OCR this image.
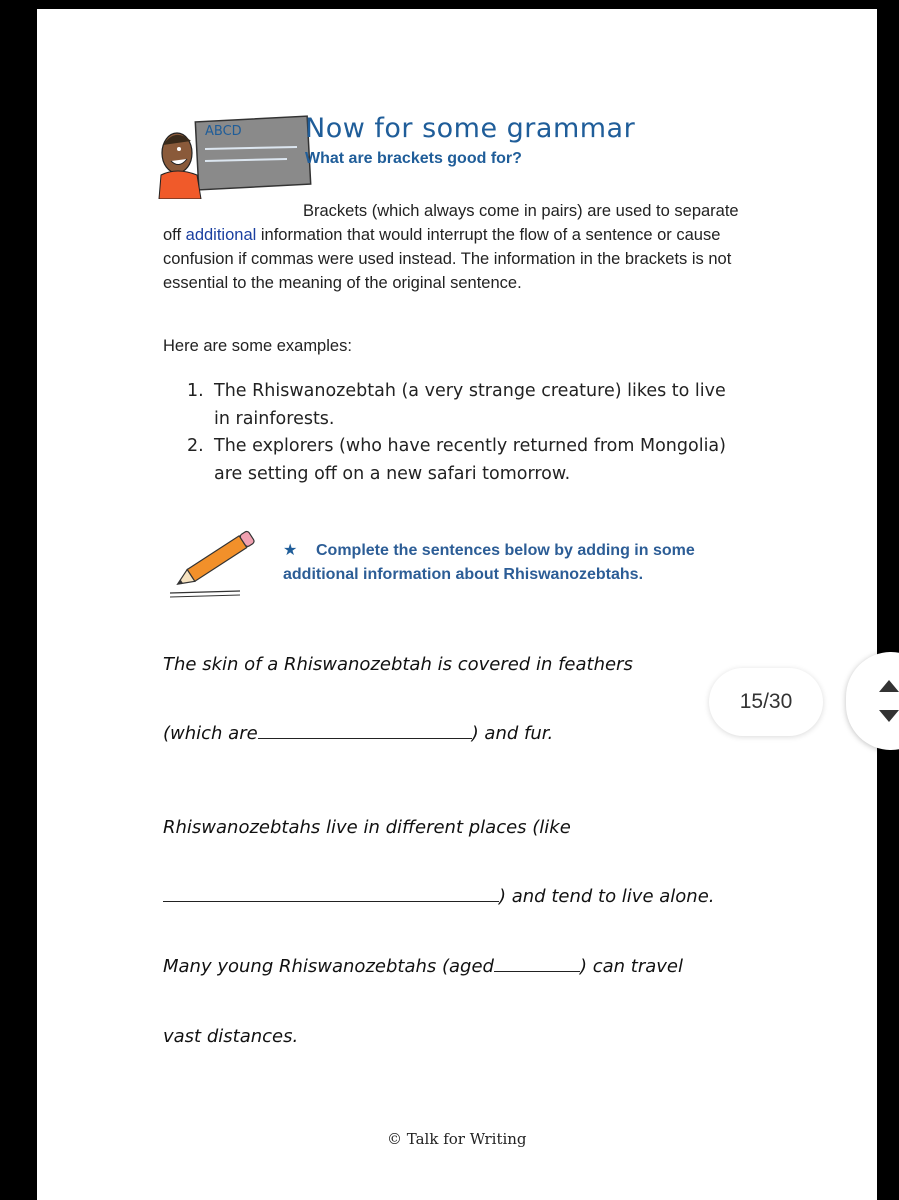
ABCD Now for some grammar
What are brackets good for?
Brackets (which always come in pairs) are used to separate off additional information that would interrupt the flow of a sentence or cause confusion if commas were used instead. The information in the brackets is not essential to the meaning of the original sentence.
Here are some examples:
1. The Rhiswanozebtah (a very strange creature) likes to live in rainforests.
2. The explorers (who have recently returned from Mongolia) are setting off on a new safari tomorrow.
★	Complete the sentences below by adding in some additional information about Rhiswanozebtahs.
The skin of a Rhiswanozebtah is covered in feathers
(which are	) and fur.
Rhiswanozebtahs live in different places (like
) and tend to live alone.
Many young Rhiswanozebtahs (aged	) can travel
vast distances.
© Talk for Writing
15/30
